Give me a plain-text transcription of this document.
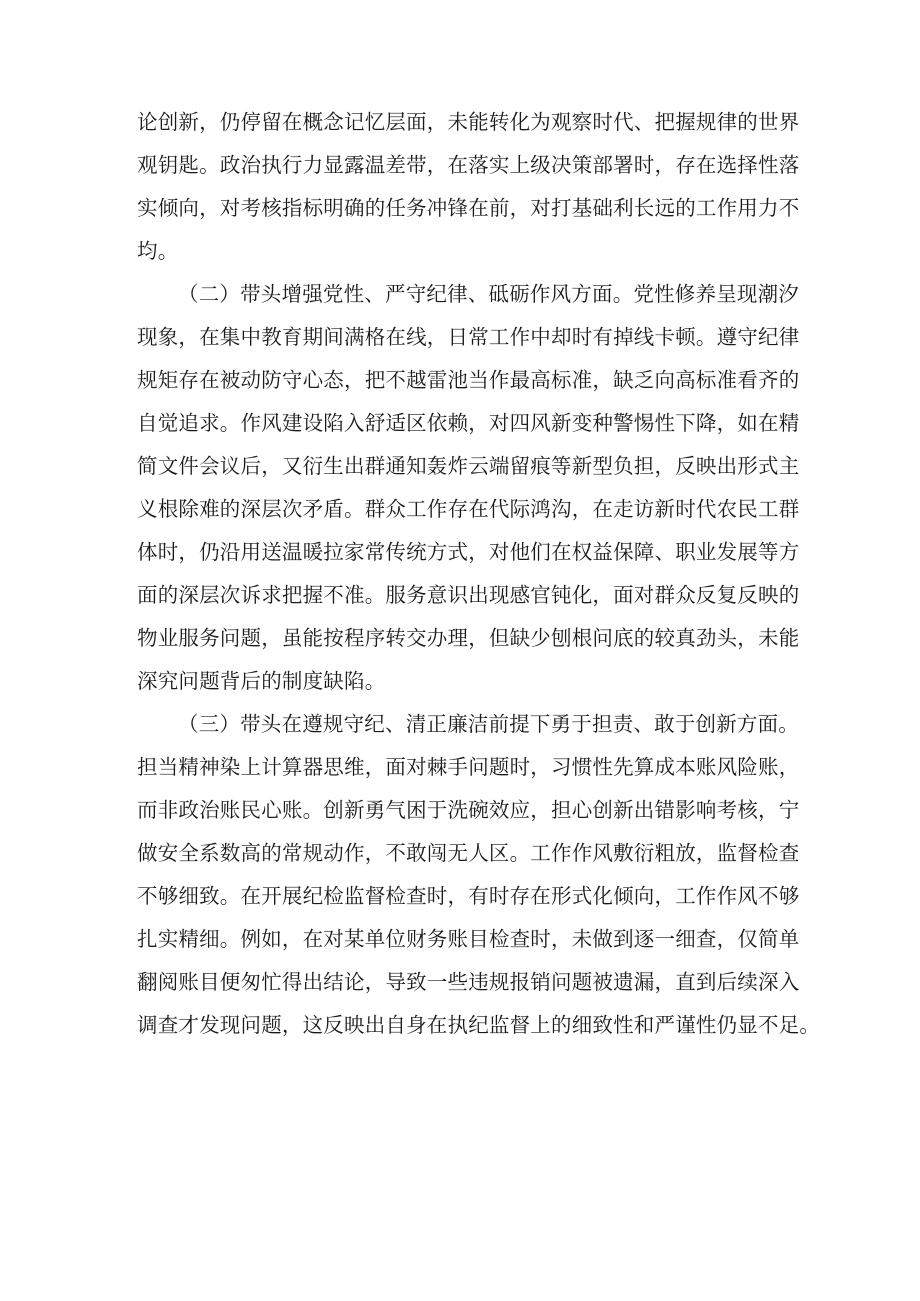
论创新，仍停留在概念记忆层面，未能转化为观察时代、把握规律的世界
观钥匙。政治执行力显露温差带，在落实上级决策部署时，存在选择性落
实倾向，对考核指标明确的任务冲锋在前，对打基础利长远的工作用力不
均。
（二）带头增强党性、严守纪律、砥砺作风方面。党性修养呈现潮汐
现象，在集中教育期间满格在线，日常工作中却时有掉线卡顿。遵守纪律
规矩存在被动防守心态，把不越雷池当作最高标准，缺乏向高标准看齐的
自觉追求。作风建设陷入舒适区依赖，对四风新变种警惕性下降，如在精
简文件会议后，又衍生出群通知轰炸云端留痕等新型负担，反映出形式主
义根除难的深层次矛盾。群众工作存在代际鸿沟，在走访新时代农民工群
体时，仍沿用送温暖拉家常传统方式，对他们在权益保障、职业发展等方
面的深层次诉求把握不准。服务意识出现感官钝化，面对群众反复反映的
物业服务问题，虽能按程序转交办理，但缺少刨根问底的较真劲头，未能
深究问题背后的制度缺陷。
（三）带头在遵规守纪、清正廉洁前提下勇于担责、敢于创新方面。
担当精神染上计算器思维，面对棘手问题时，习惯性先算成本账风险账，
而非政治账民心账。创新勇气困于洗碗效应，担心创新出错影响考核，宁
做安全系数高的常规动作，不敢闯无人区。工作作风敷衍粗放，监督检查
不够细致。在开展纪检监督检查时，有时存在形式化倾向，工作作风不够
扎实精细。例如，在对某单位财务账目检查时，未做到逐一细查，仅简单
翻阅账目便匆忙得出结论，导致一些违规报销问题被遗漏，直到后续深入
调查才发现问题，这反映出自身在执纪监督上的细致性和严谨性仍显不足。
